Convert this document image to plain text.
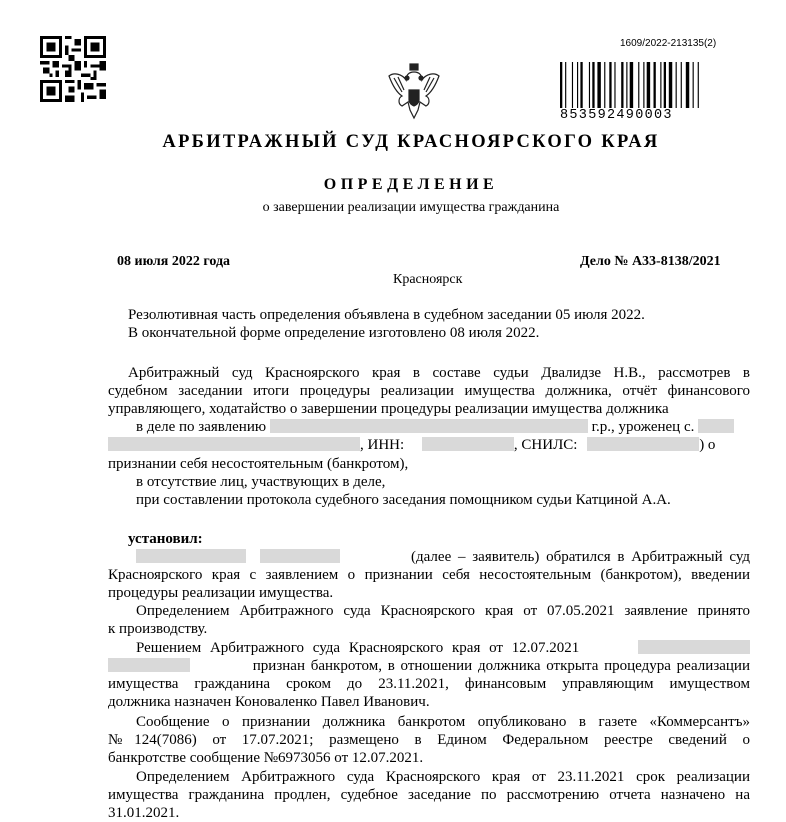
1609/2022-213135(2)
853592490003
АРБИТРАЖНЫЙ СУД КРАСНОЯРСКОГО КРАЯ
ОПРЕДЕЛЕНИЕ
о завершении реализации имущества гражданина
08 июля 2022 года	Дело № А33-8138/2021
Красноярск
Резолютивная часть определения объявлена в судебном заседании 05 июля 2022.
В окончательной форме определение изготовлено 08 июля 2022.
Арбитражный суд Красноярского края в составе судьи Двалидзе Н.В., рассмотрев в
судебном заседании итоги процедуры реализации имущества должника, отчёт финансового
управляющего, ходатайство о завершении процедуры реализации имущества должника
в деле по заявлению	г.р., уроженец с.
, ИНН:	, СНИЛС:	) о
признании себя несостоятельным (банкротом),
в отсутствие лиц, участвующих в деле,
при составлении протокола судебного заседания помощником судьи Катциной А.А.
установил:

(далее – заявитель) обратился в Арбитражный суд
Красноярского края с заявлением о признании себя несостоятельным (банкротом), введении
процедуры реализации имущества.
Определением Арбитражного суда Красноярского края от 07.05.2021 заявление принято
к производству.
Решением Арбитражного суда Красноярского края от 12.07.2021
признан банкротом, в отношении должника открыта процедура реализации
имущества гражданина сроком до 23.11.2021, финансовым управляющим имуществом
должника назначен Коноваленко Павел Иванович.
Сообщение о признании должника банкротом опубликовано в газете «Коммерсантъ»
№124(7086) от 17.07.2021; размещено в Едином Федеральном реестре сведений о
банкротстве сообщение №6973056 от 12.07.2021.
Определением Арбитражного суда Красноярского края от 23.11.2021 срок реализации
имущества гражданина продлен, судебное заседание по рассмотрению отчета назначено на
31.01.2021.
